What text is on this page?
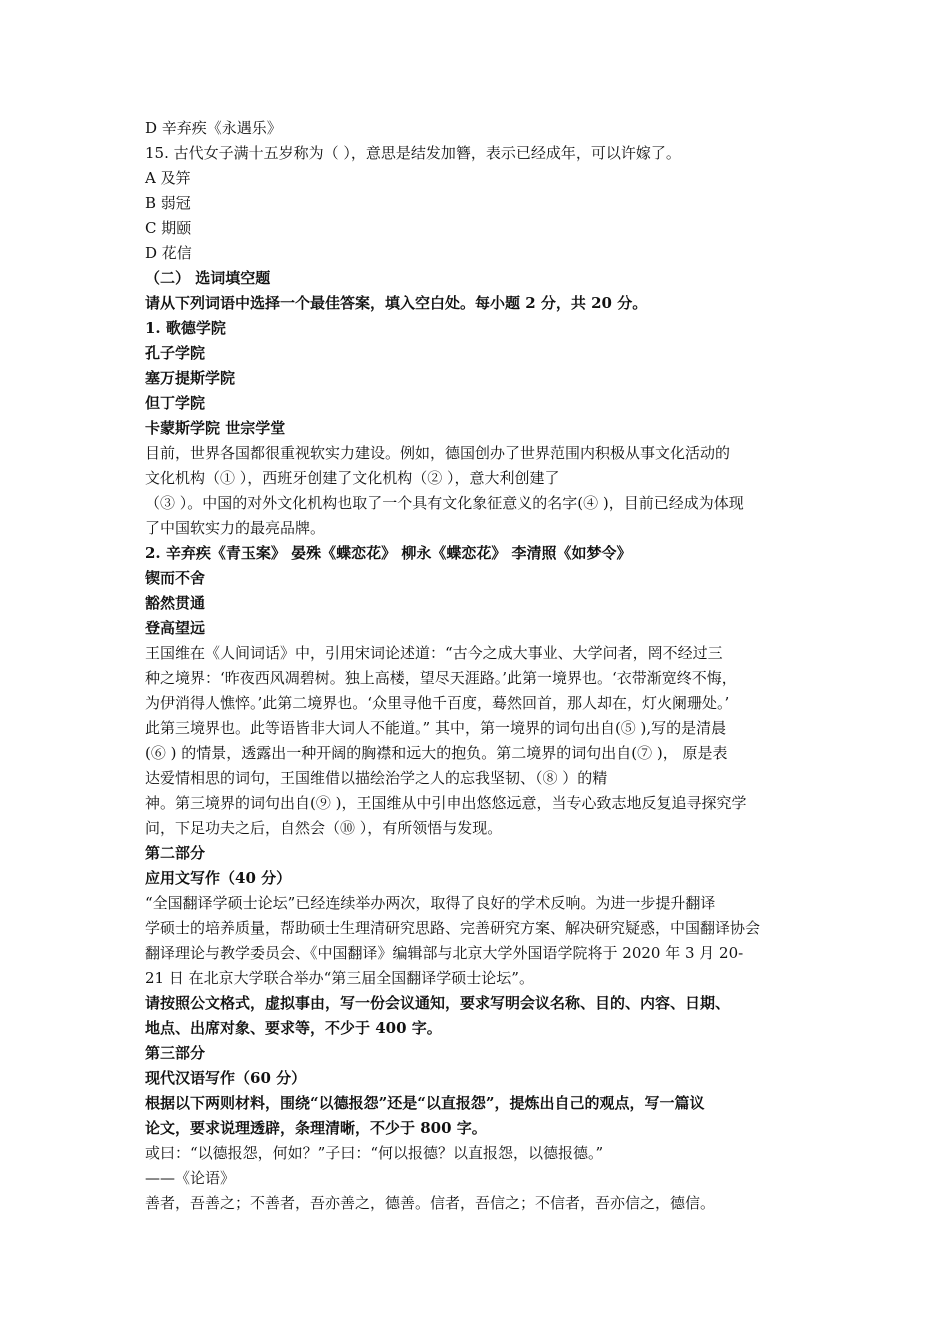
D 辛弃疾《永遇乐》
15. 古代女子满十五岁称为（ ），意思是结发加簪，表示已经成年，可以许嫁了。
A 及笄
B 弱冠
C 期颐
D 花信
（二） 选词填空题
请从下列词语中选择一个最佳答案，填入空白处。每小题 2 分，共 20 分。
1. 歌德学院
孔子学院
塞万提斯学院
但丁学院
卡蒙斯学院 世宗学堂
目前，世界各国都很重视软实力建设。例如，德国创办了世界范围内积极从事文化活动的
文化机构（① ），西班牙创建了文化机构（② ），意大利创建了
（③ ）。中国的对外文化机构也取了一个具有文化象征意义的名字(④ )，目前已经成为体现
了中国软实力的最亮品牌。
2. 辛弃疾《青玉案》 晏殊《蝶恋花》 柳永《蝶恋花》 李清照《如梦令》
锲而不舍
豁然贯通
登高望远
王国维在《人间词话》中，引用宋词论述道：“古今之成大事业、大学问者，罔不经过三
种之境界：‘昨夜西风凋碧树。独上高楼，望尽天涯路。’此第一境界也。‘衣带渐宽终不悔，
为伊消得人憔悴。’此第二境界也。‘众里寻他千百度，蓦然回首，那人却在，灯火阑珊处。’
此第三境界也。此等语皆非大词人不能道。” 其中，第一境界的词句出自(⑤ ),写的是清晨
(⑥ ) 的情景，透露出一种开阔的胸襟和远大的抱负。第二境界的词句出自(⑦ )， 原是表
达爱情相思的词句，王国维借以描绘治学之人的忘我坚韧、（⑧ ）的精
神。第三境界的词句出自(⑨ )，王国维从中引申出悠悠远意，当专心致志地反复追寻探究学
问，下足功夫之后，自然会（⑩ ），有所领悟与发现。
第二部分
应用文写作（40 分）
“全国翻译学硕士论坛”已经连续举办两次，取得了良好的学术反响。为进一步提升翻译
学硕士的培养质量，帮助硕士生理清研究思路、完善研究方案、解决研究疑惑，中国翻译协会
翻译理论与教学委员会、《中国翻译》编辑部与北京大学外国语学院将于 2020 年 3 月 20-
21 日 在北京大学联合举办“第三届全国翻译学硕士论坛”。
请按照公文格式，虚拟事由，写一份会议通知，要求写明会议名称、目的、内容、日期、
地点、出席对象、要求等，不少于 400 字。
第三部分
现代汉语写作（60 分）
根据以下两则材料，围绕“以德报怨”还是“以直报怨”，提炼出自己的观点，写一篇议
论文，要求说理透辟，条理清晰，不少于 800 字。
或曰：“以德报怨，何如？”子曰：“何以报德？以直报怨，以德报德。”
——《论语》
善者，吾善之；不善者，吾亦善之，德善。信者，吾信之；不信者，吾亦信之，德信。
